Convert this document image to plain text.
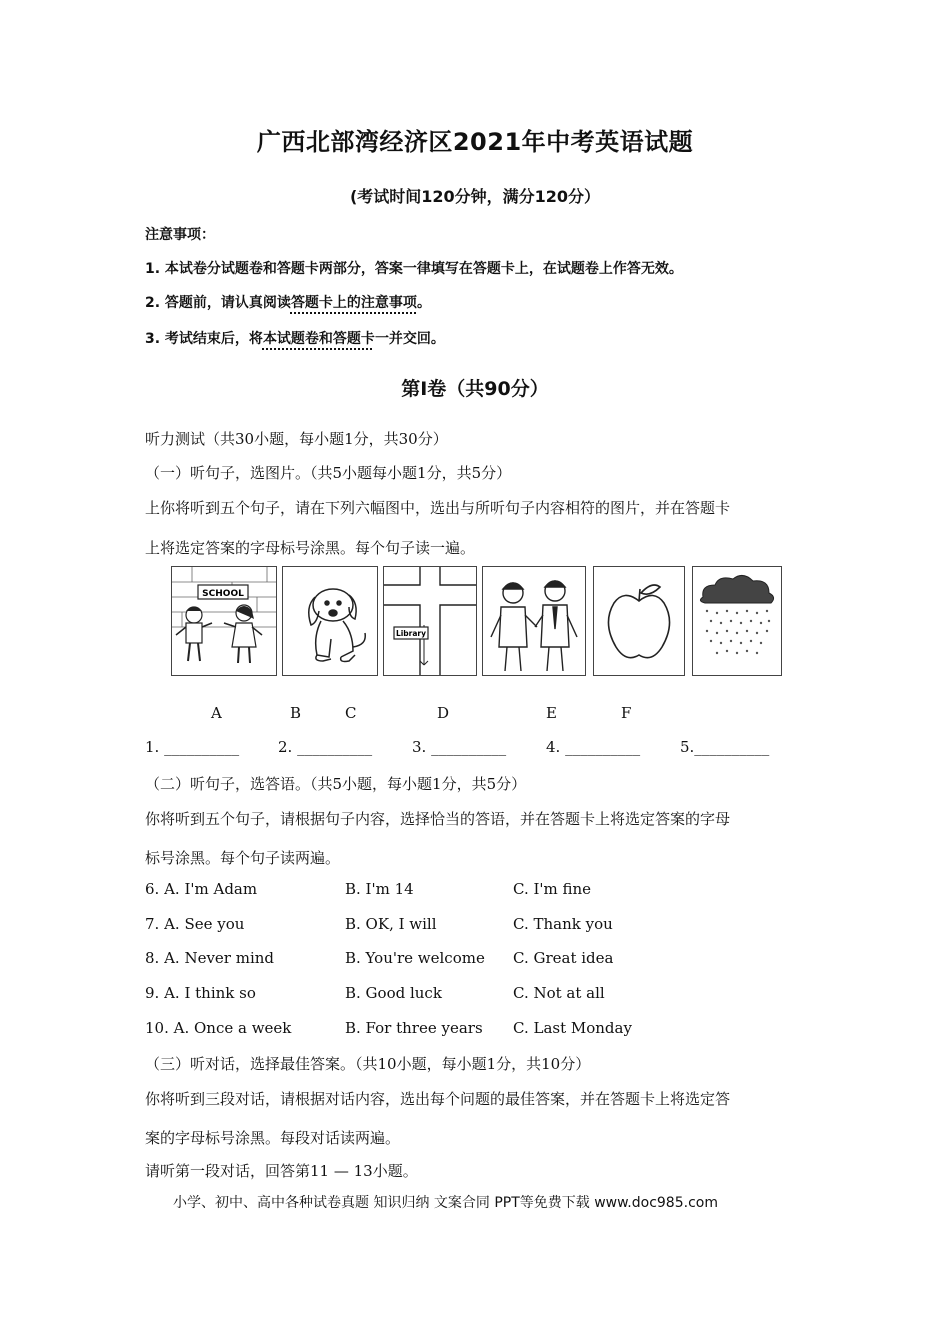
广西北部湾经济区2021年中考英语试题
(考试时间120分钟，满分120分）
注意事项：
1. 本试卷分试题卷和答题卡两部分，答案一律填写在答题卡上，在试题卷上作答无效。
2. 答题前，请认真阅读答题卡上的注意事项。
3. 考试结束后，将本试题卷和答题卡一并交回。
第Ⅰ卷（共90分）
听力测试（共30小题，每小题1分，共30分）
（一）听句子，选图片。（共5小题每小题1分，共5分）
上你将听到五个句子，请在下列六幅图中，选出与所听句子内容相符的图片，并在答题卡
上将选定答案的字母标号涂黑。每个句子读一遍。
SCHOOL
Library
A	B	C	D	E	F
1. __________	2. __________	3. __________	4. __________	5.__________
（二）听句子，选答语。（共5小题，每小题1分，共5分）
你将听到五个句子，请根据句子内容，选择恰当的答语，并在答题卡上将选定答案的字母
标号涂黑。每个句子读两遍。
6. A. I'm Adam	B. I'm 14	C. I'm fine
7. A. See you	B. OK, I will	C. Thank you
8. A. Never mind	B. You're welcome C. Great idea
9. A. I think so	B. Good luck	C. Not at all
10. A. Once a week	B. For three years C. Last Monday
（三）听对话，选择最佳答案。（共10小题，每小题1分，共10分）
你将听到三段对话，请根据对话内容，选出每个问题的最佳答案，并在答题卡上将选定答
案的字母标号涂黑。每段对话读两遍。
请听第一段对话，回答第11 — 13小题。
小学、初中、高中各种试卷真题 知识归纳 文案合同 PPT等免费下载 www.doc985.com
